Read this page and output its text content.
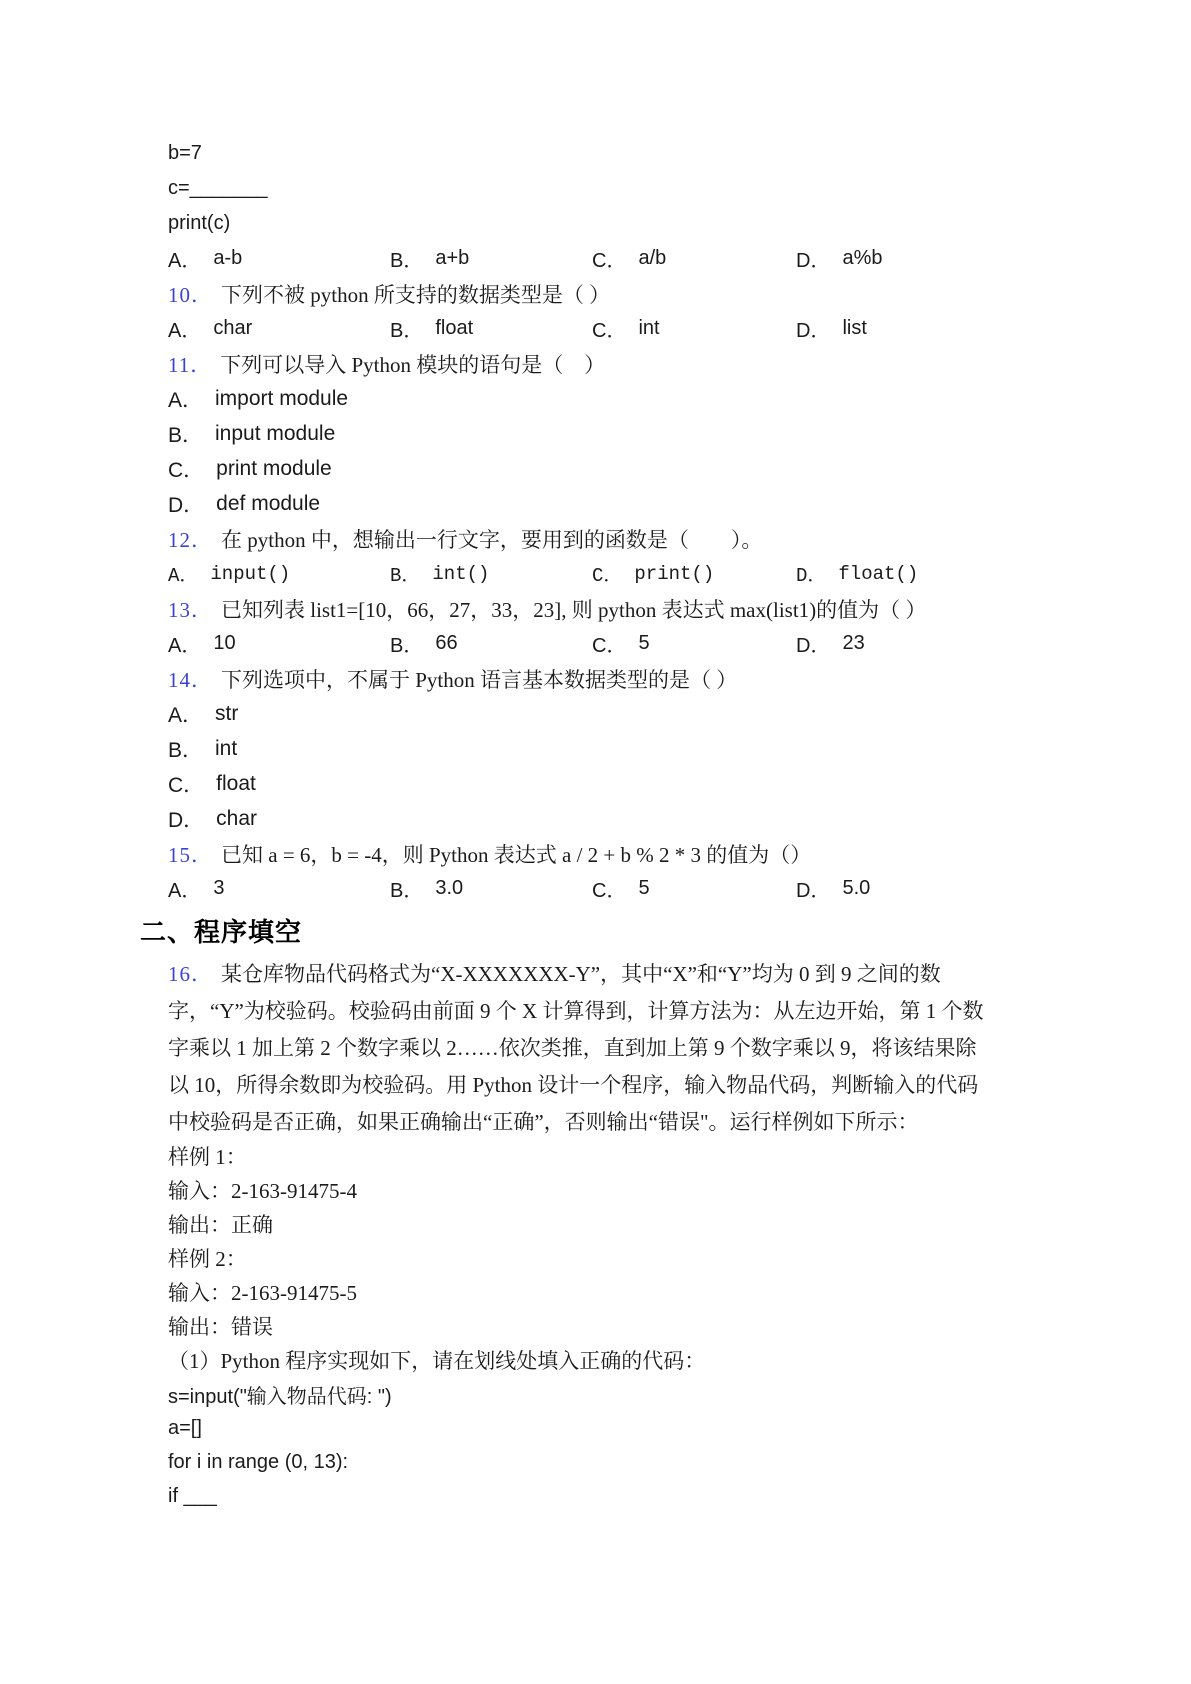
b=7
c=_______
print(c)
A． a-b	B． a+b	C． a/b	D． a%b
10． 下列不被 python 所支持的数据类型是（ ）
A． char	B． float	C． int	D． list
11． 下列可以导入 Python 模块的语句是（　）
A． import module
B． input module
C． print module
D． def module
12． 在 python 中，想输出一行文字，要用到的函数是（　　）。
A． input()	B． int()	C． print()	D． float()
13． 已知列表 list1=[10，66，27，33，23], 则 python 表达式 max(list1)的值为（ ）
A． 10	B． 66	C． 5	D． 23
14． 下列选项中，不属于 Python 语言基本数据类型的是（ ）
A． str
B． int
C． float
D． char
15． 已知 a = 6，b = -4，则 Python 表达式 a / 2 + b % 2 * 3 的值为（）
A． 3	B． 3.0	C． 5	D． 5.0
二、程序填空
16． 某仓库物品代码格式为“X-XXXXXXX-Y”，其中“X”和“Y”均为 0 到 9 之间的数
字，“Y”为校验码。校验码由前面 9 个 X 计算得到，计算方法为：从左边开始，第 1 个数
字乘以 1 加上第 2 个数字乘以 2……依次类推，直到加上第 9 个数字乘以 9，将该结果除
以 10，所得余数即为校验码。用 Python 设计一个程序，输入物品代码，判断输入的代码
中校验码是否正确，如果正确输出“正确”，否则输出“错误"。运行样例如下所示：
样例 1：
输入：2-163-91475-4
输出：正确
样例 2：
输入：2-163-91475-5
输出：错误
（1）Python 程序实现如下，请在划线处填入正确的代码：
s=input("输入物品代码: ")
a=[]
for i in range (0, 13):
if ___
